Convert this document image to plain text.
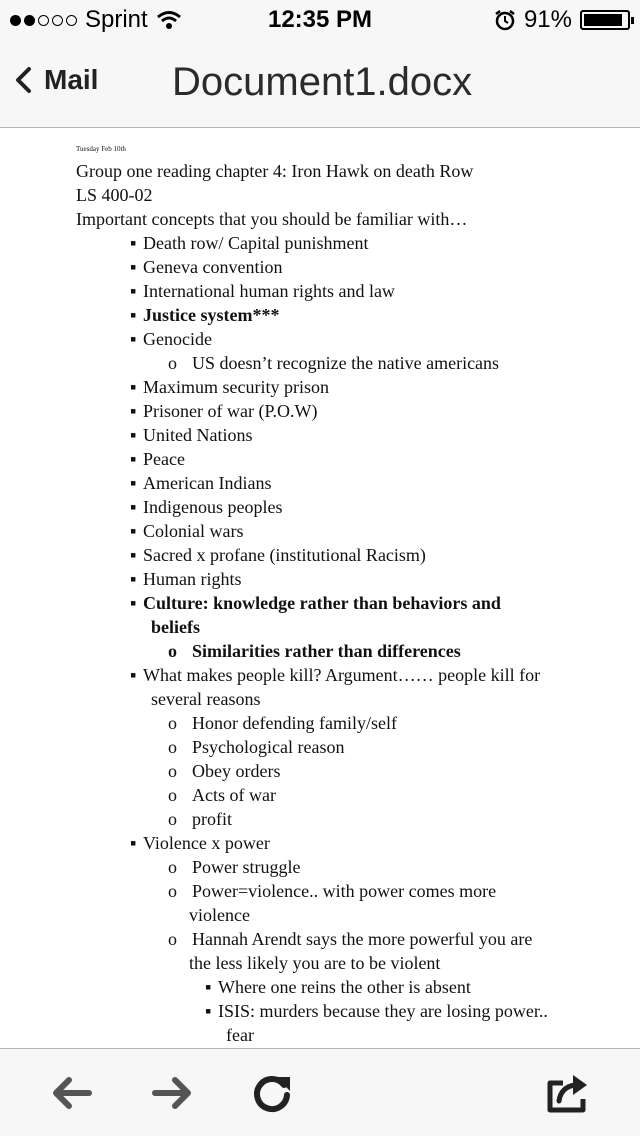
Sprint	12:35 PM	91%
Mail Document1.docx
Tuesday Feb 10th
Group one reading chapter 4: Iron Hawk on death Row
LS 400-02
Important concepts that you should be familiar with…
▪ Death row/ Capital punishment
▪ Geneva convention
▪ International human rights and law
▪ Justice system***
▪ Genocide
o US doesn’t recognize the native americans
▪ Maximum security prison
▪ Prisoner of war (P.O.W)
▪ United Nations
▪ Peace
▪ American Indians
▪ Indigenous peoples
▪ Colonial wars
▪ Sacred x profane (institutional Racism)
▪ Human rights
▪ Culture: knowledge rather than behaviors and
beliefs
o Similarities rather than differences
▪ What makes people kill? Argument…… people kill for
several reasons
o Honor defending family/self
o Psychological reason
o Obey orders
o Acts of war
o profit
▪ Violence x power
o Power struggle
o Power=violence.. with power comes more
violence
o Hannah Arendt says the more powerful you are
the less likely you are to be violent
▪ Where one reins the other is absent
▪ ISIS: murders because they are losing power..
fear
